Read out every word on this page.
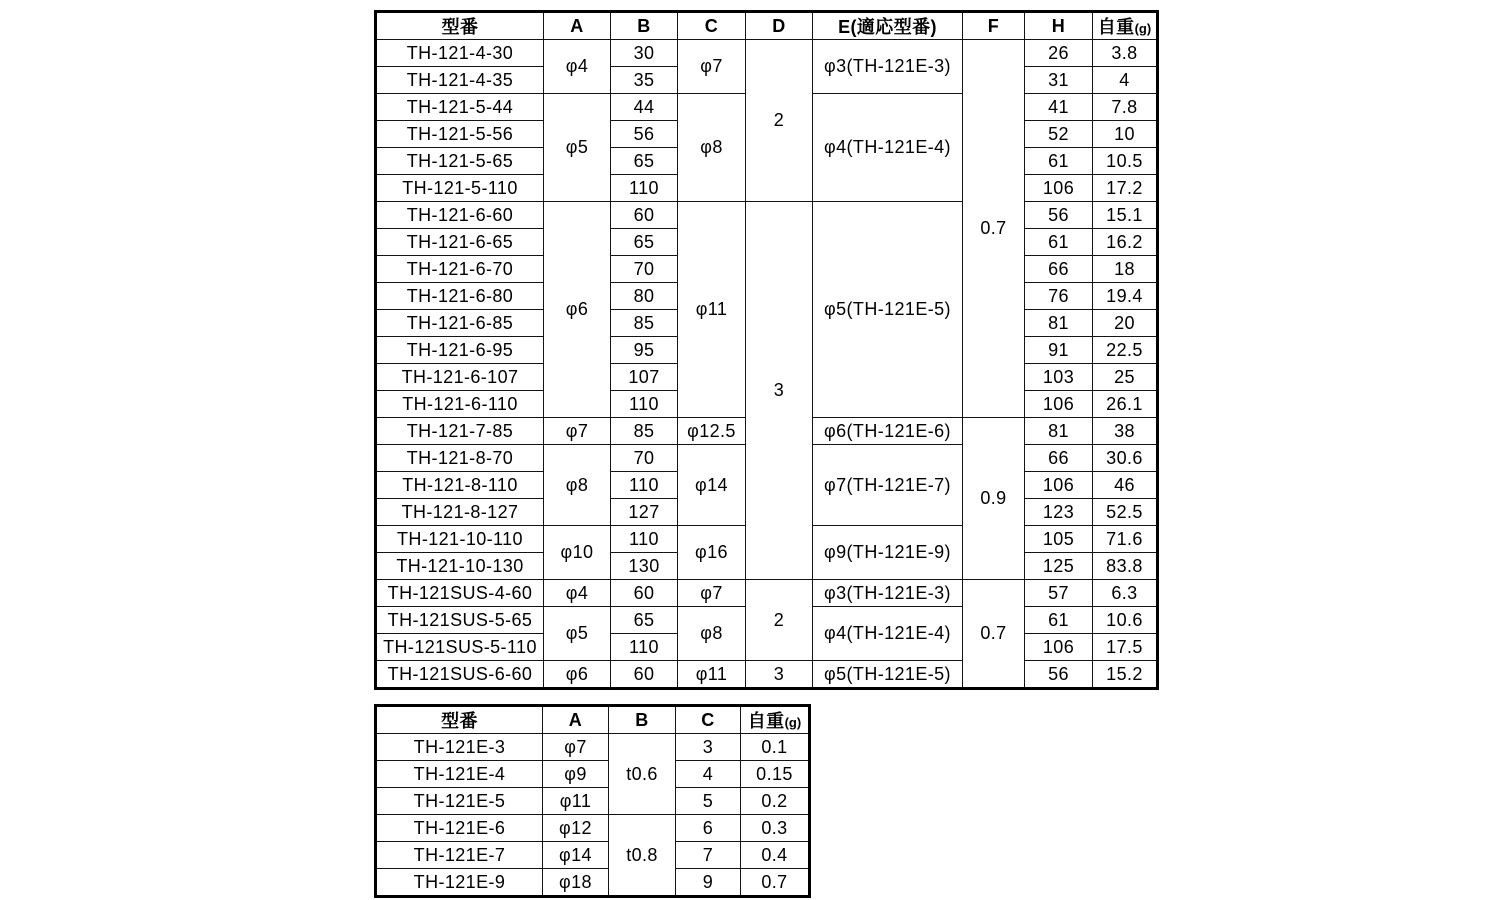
型番	A	B	C	D	E(適応型番)	F	H	自重(g)
TH-121-4-30	φ4	30	φ7	2	φ3(TH-121E-3)	0.7	26	3.8
TH-121-4-35		35					31	4
TH-121-5-44	φ5	44	φ8		φ4(TH-121E-4)		41	7.8
TH-121-5-56		56					52	10
TH-121-5-65		65					61	10.5
TH-121-5-110		110					106	17.2
TH-121-6-60	φ6	60	φ11	3	φ5(TH-121E-5)		56	15.1
TH-121-6-65		65					61	16.2
TH-121-6-70		70					66	18
TH-121-6-80		80					76	19.4
TH-121-6-85		85					81	20
TH-121-6-95		95					91	22.5
TH-121-6-107		107					103	25
TH-121-6-110		110					106	26.1
TH-121-7-85	φ7	85	φ12.5		φ6(TH-121E-6)	0.9	81	38
TH-121-8-70	φ8	70	φ14		φ7(TH-121E-7)		66	30.6
TH-121-8-110		110					106	46
TH-121-8-127		127					123	52.5
TH-121-10-110	φ10	110	φ16		φ9(TH-121E-9)		105	71.6
TH-121-10-130		130					125	83.8
TH-121SUS-4-60	φ4	60	φ7	2	φ3(TH-121E-3)	0.7	57	6.3
TH-121SUS-5-65	φ5	65	φ8		φ4(TH-121E-4)		61	10.6
TH-121SUS-5-110		110					106	17.5
TH-121SUS-6-60	φ6	60	φ11	3	φ5(TH-121E-5)		56	15.2
型番	A	B	C	自重(g)
TH-121E-3	φ7	t0.6	3	0.1
TH-121E-4	φ9		4	0.15
TH-121E-5	φ11		5	0.2
TH-121E-6	φ12	t0.8	6	0.3
TH-121E-7	φ14		7	0.4
TH-121E-9	φ18		9	0.7
